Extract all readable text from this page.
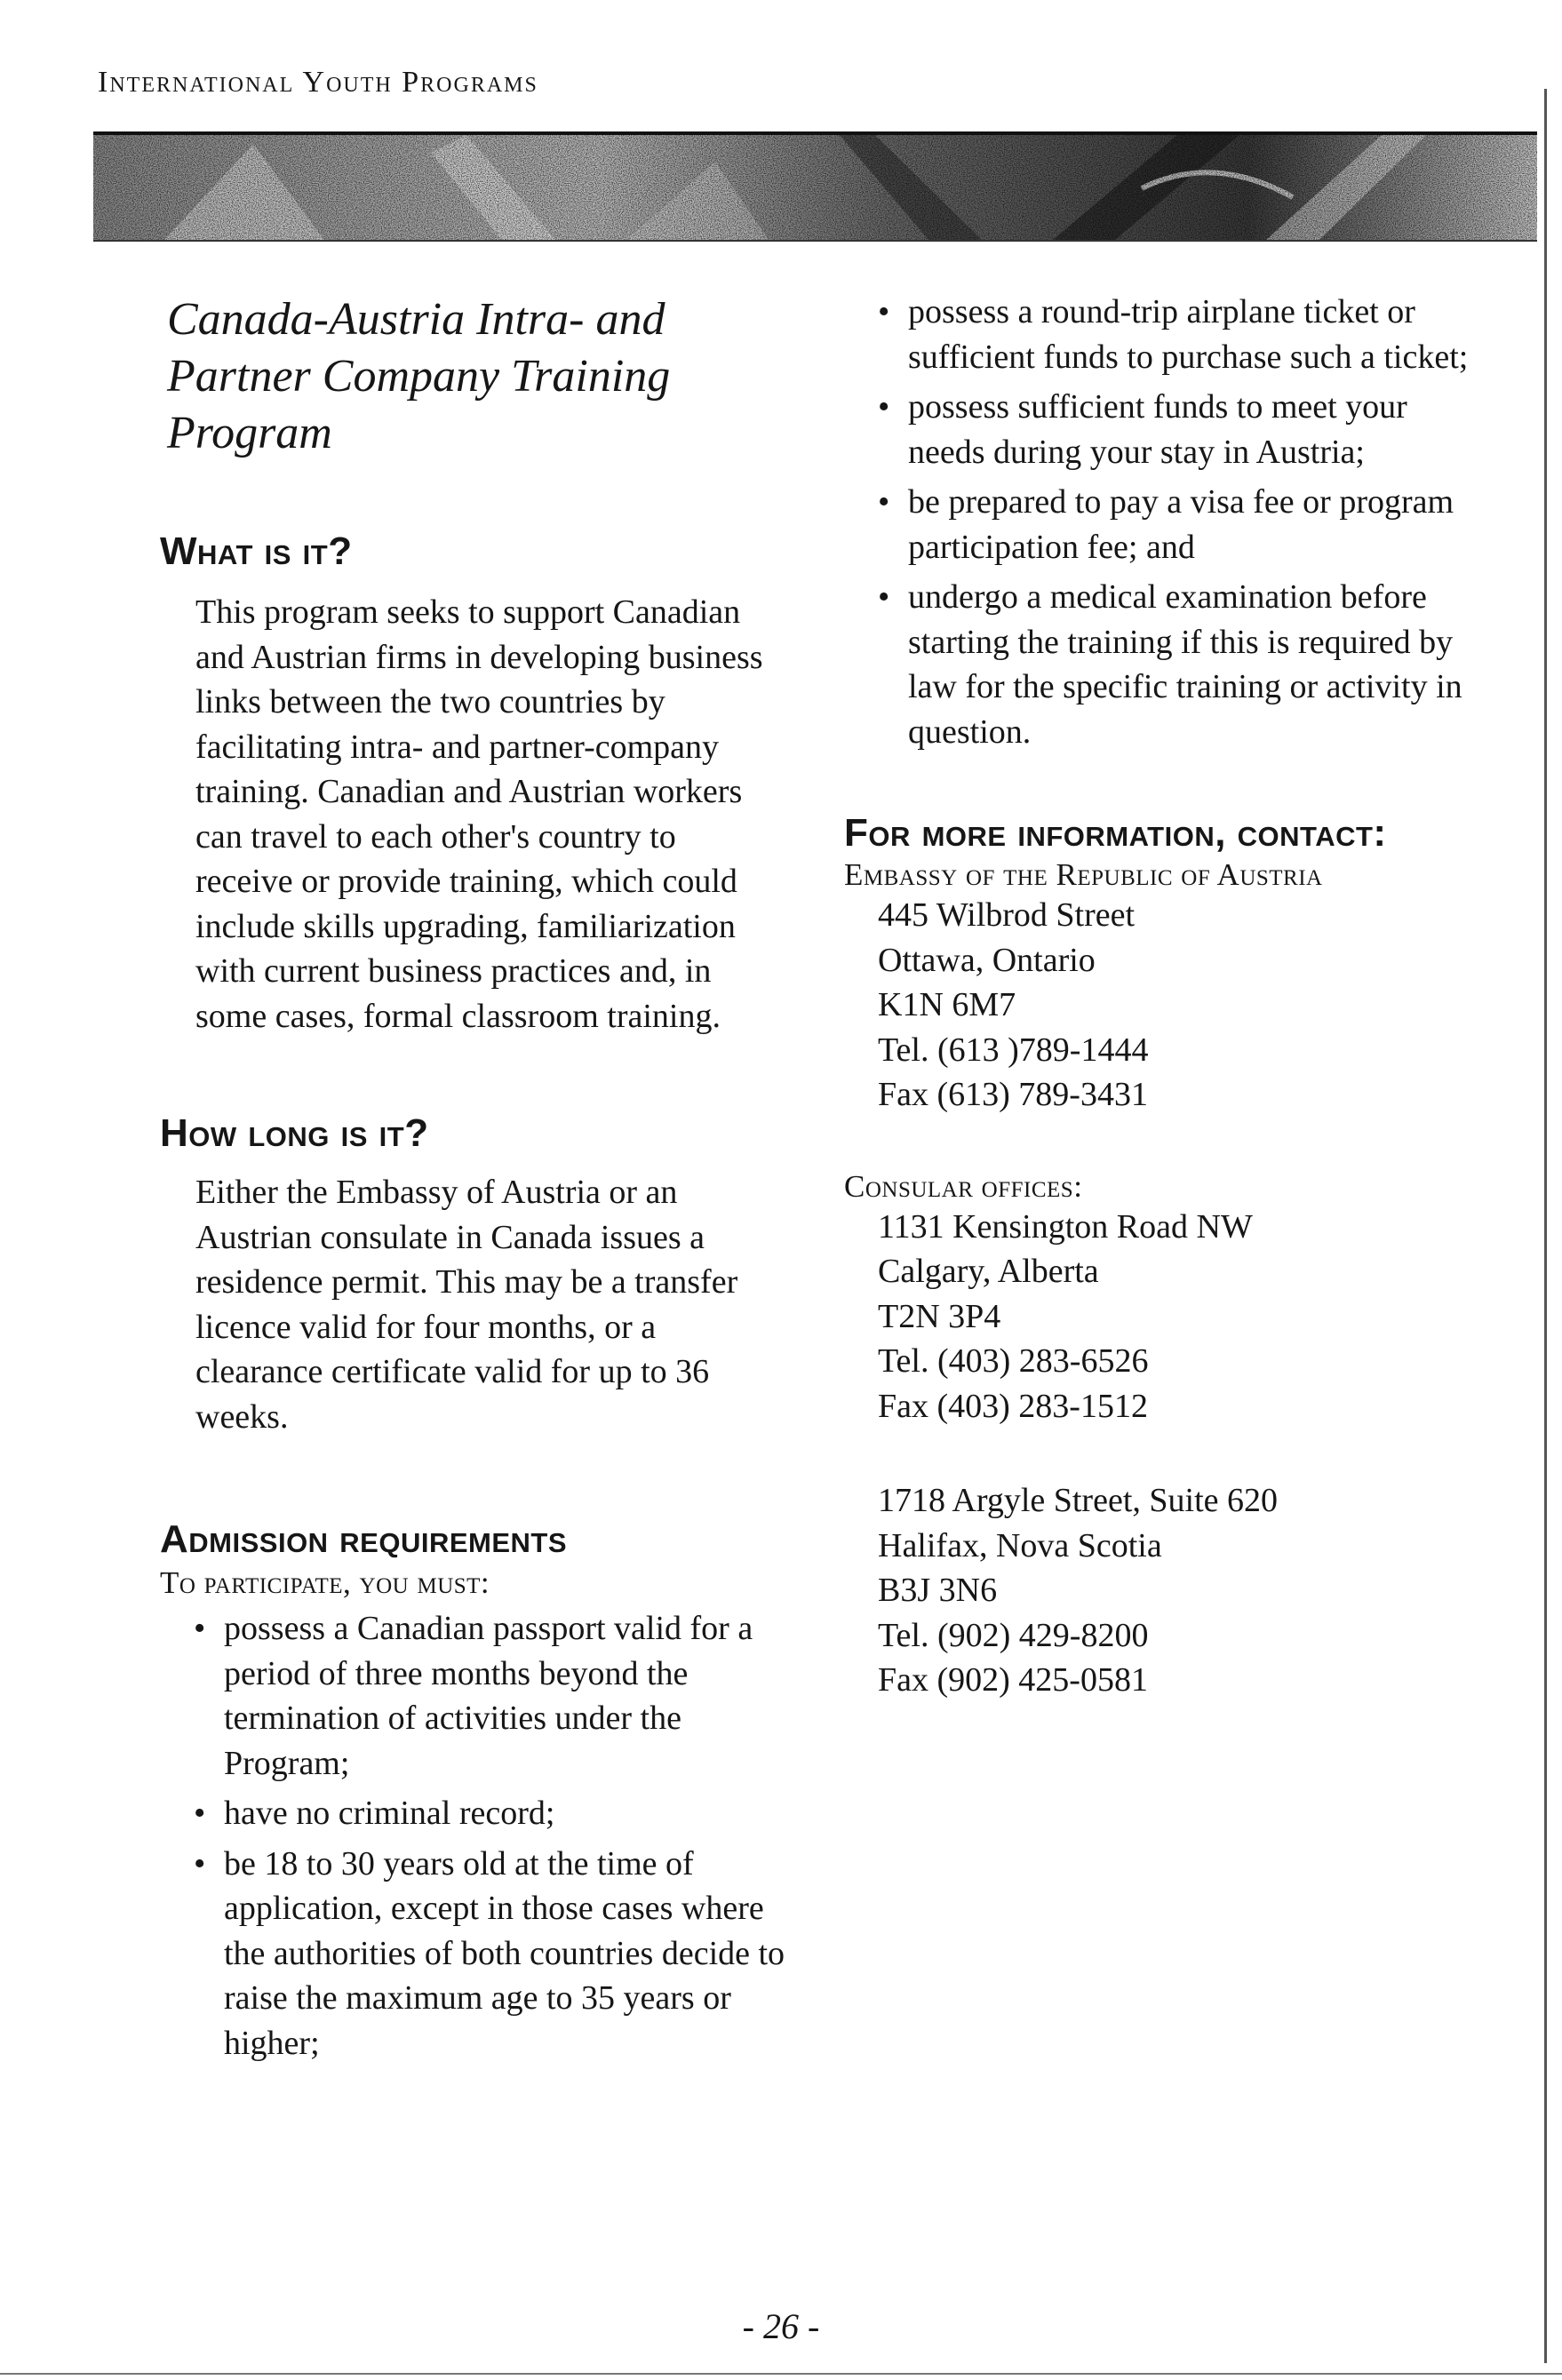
International Youth Programs
Canada-Austria Intra- and Partner Company Training Program
What is it?

This program seeks to support Canadian and Austrian firms in developing business links between the two countries by facilitating intra- and partner-company training. Canadian and Austrian workers can travel to each other's country to receive or provide training, which could include skills upgrading, familiarization with current business practices and, in some cases, formal classroom training.

How long is it?

Either the Embassy of Austria or an Austrian consulate in Canada issues a residence permit. This may be a transfer licence valid for four months, or a clearance certificate valid for up to 36 weeks.

Admission requirements

To participate, you must:

• possess a Canadian passport valid for a period of three months beyond the termination of activities under the Program;
• have no criminal record;
• be 18 to 30 years old at the time of application, except in those cases where the authorities of both countries decide to raise the maximum age to 35 years or higher;
• possess a round-trip airplane ticket or sufficient funds to purchase such a ticket;
• possess sufficient funds to meet your needs during your stay in Austria;
• be prepared to pay a visa fee or program participation fee; and
• undergo a medical examination before starting the training if this is required by law for the specific training or activity in question.
For more information, contact:

Embassy of the Republic of Austria

445 Wilbrod Street
Ottawa, Ontario
K1N 6M7
Tel. (613 )789-1444
Fax (613) 789-3431

Consular offices:

1131 Kensington Road NW
Calgary, Alberta
T2N 3P4
Tel. (403) 283-6526
Fax (403) 283-1512
1718 Argyle Street, Suite 620
Halifax, Nova Scotia
B3J 3N6
Tel. (902) 429-8200
Fax (902) 425-0581
- 26 -
